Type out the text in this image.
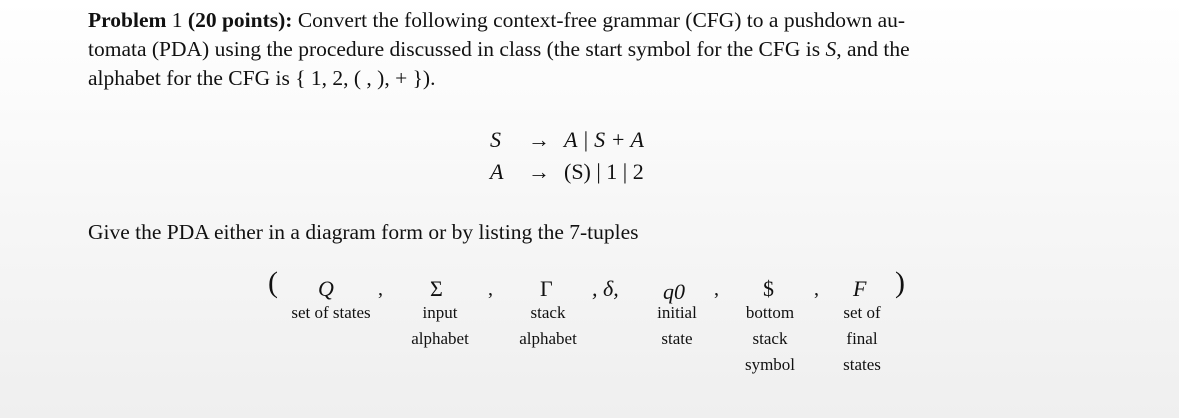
Problem 1 (20 points): Convert the following context-free grammar (CFG) to a pushdown au-
tomata (PDA) using the procedure discussed in class (the start symbol for the CFG is S, and the
alphabet for the CFG is { 1, 2, ( , ), + }).
S	→ A | S + A
A	→ (S) | 1 | 2
Give the PDA either in a diagram form or by listing the 7-tuples
( Q ,
set of states
Σ ,
input
alphabet
Γ
stack
alphabet
, δ, q0 ,
initial
state
$ ,
bottom
stack
symbol
F
set of
final
states
)
